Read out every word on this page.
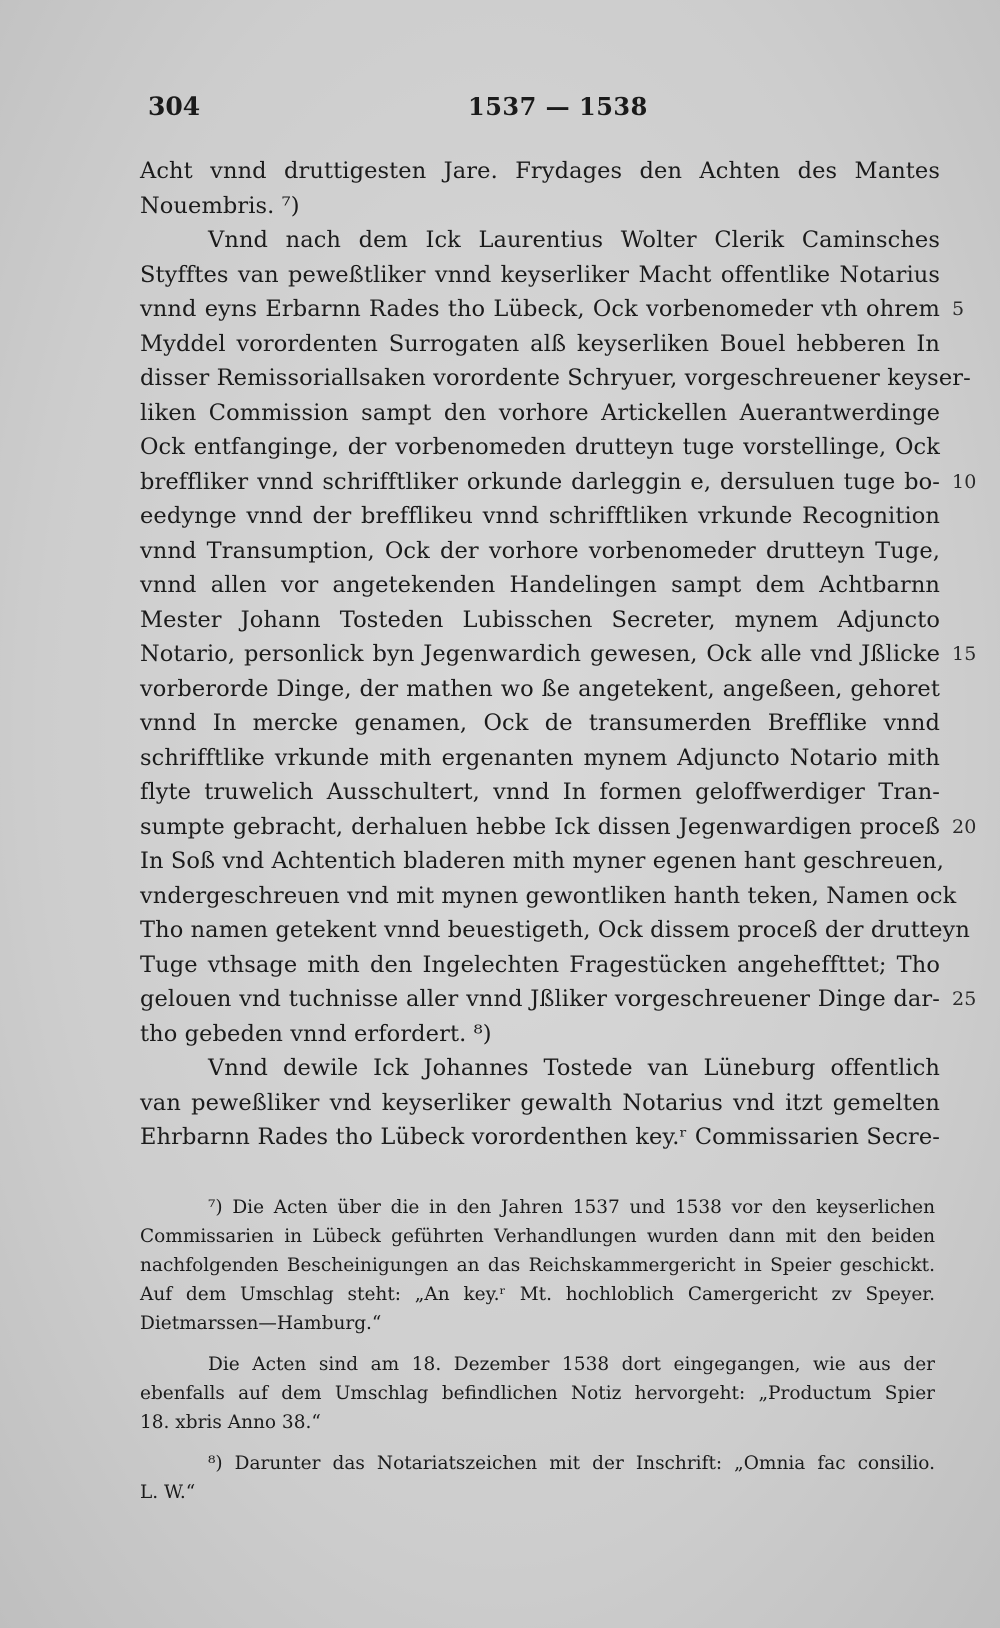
304	1537 — 1538
Acht vnnd druttigesten Jare. Frydages den Achten des Mantes
Nouembris. ⁷)
Vnnd nach dem Ick Laurentius Wolter Clerik Caminsches
Styfftes van peweßtliker vnnd keyserliker Macht offentlike Notarius
vnnd eyns Erbarnn Rades tho Lübeck, Ock vorbenomeder vth ohrem 5
Myddel vorordenten Surrogaten alß keyserliken Bouel hebberen In
disser Remissoriallsaken vorordente Schryuer, vorgeschreuener keyser-
liken Commission sampt den vorhore Artickellen Auerantwerdinge
Ock entfanginge, der vorbenomeden drutteyn tuge vorstellinge, Ock
breffliker vnnd schrifftliker orkunde darleggin e, dersuluen tuge bo- 10
eedynge vnnd der brefflikeu vnnd schrifftliken vrkunde Recognition
vnnd Transumption, Ock der vorhore vorbenomeder drutteyn Tuge,
vnnd allen vor angetekenden Handelingen sampt dem Achtbarnn
Mester Johann Tosteden Lubisschen Secreter, mynem Adjuncto
Notario, personlick byn Jegenwardich gewesen, Ock alle vnd Jßlicke 15
vorberorde Dinge, der mathen wo ße angetekent, angeßeen, gehoret
vnnd In mercke genamen, Ock de transumerden Brefflike vnnd
schrifftlike vrkunde mith ergenanten mynem Adjuncto Notario mith
flyte truwelich Ausschultert, vnnd In formen geloffwerdiger Tran-
sumpte gebracht, derhaluen hebbe Ick dissen Jegenwardigen proceß 20
In Soß vnd Achtentich bladeren mith myner egenen hant geschreuen,
vndergeschreuen vnd mit mynen gewontliken hanth teken, Namen ock
Tho namen getekent vnnd beuestigeth, Ock dissem proceß der drutteyn
Tuge vthsage mith den Ingelechten Fragestücken angeheffttet; Tho
gelouen vnd tuchnisse aller vnnd Jßliker vorgeschreuener Dinge dar- 25
tho gebeden vnnd erfordert. ⁸)
Vnnd dewile Ick Johannes Tostede van Lüneburg offentlich
van peweßliker vnd keyserliker gewalth Notarius vnd itzt gemelten
Ehrbarnn Rades tho Lübeck vorordenthen key.ʳ Commissarien Secre-
⁷) Die Acten über die in den Jahren 1537 und 1538 vor den keyserlichen
Commissarien in Lübeck geführten Verhandlungen wurden dann mit den beiden
nachfolgenden Bescheinigungen an das Reichskammergericht in Speier geschickt.
Auf dem Umschlag steht: „An key.ʳ Mt. hochloblich Camergericht zv Speyer.
Dietmarssen—Hamburg.“
Die Acten sind am 18. Dezember 1538 dort eingegangen, wie aus der
ebenfalls auf dem Umschlag befindlichen Notiz hervorgeht: „Productum Spier
18. xbris Anno 38.“
⁸) Darunter das Notariatszeichen mit der Inschrift: „Omnia fac consilio.
L. W.“
